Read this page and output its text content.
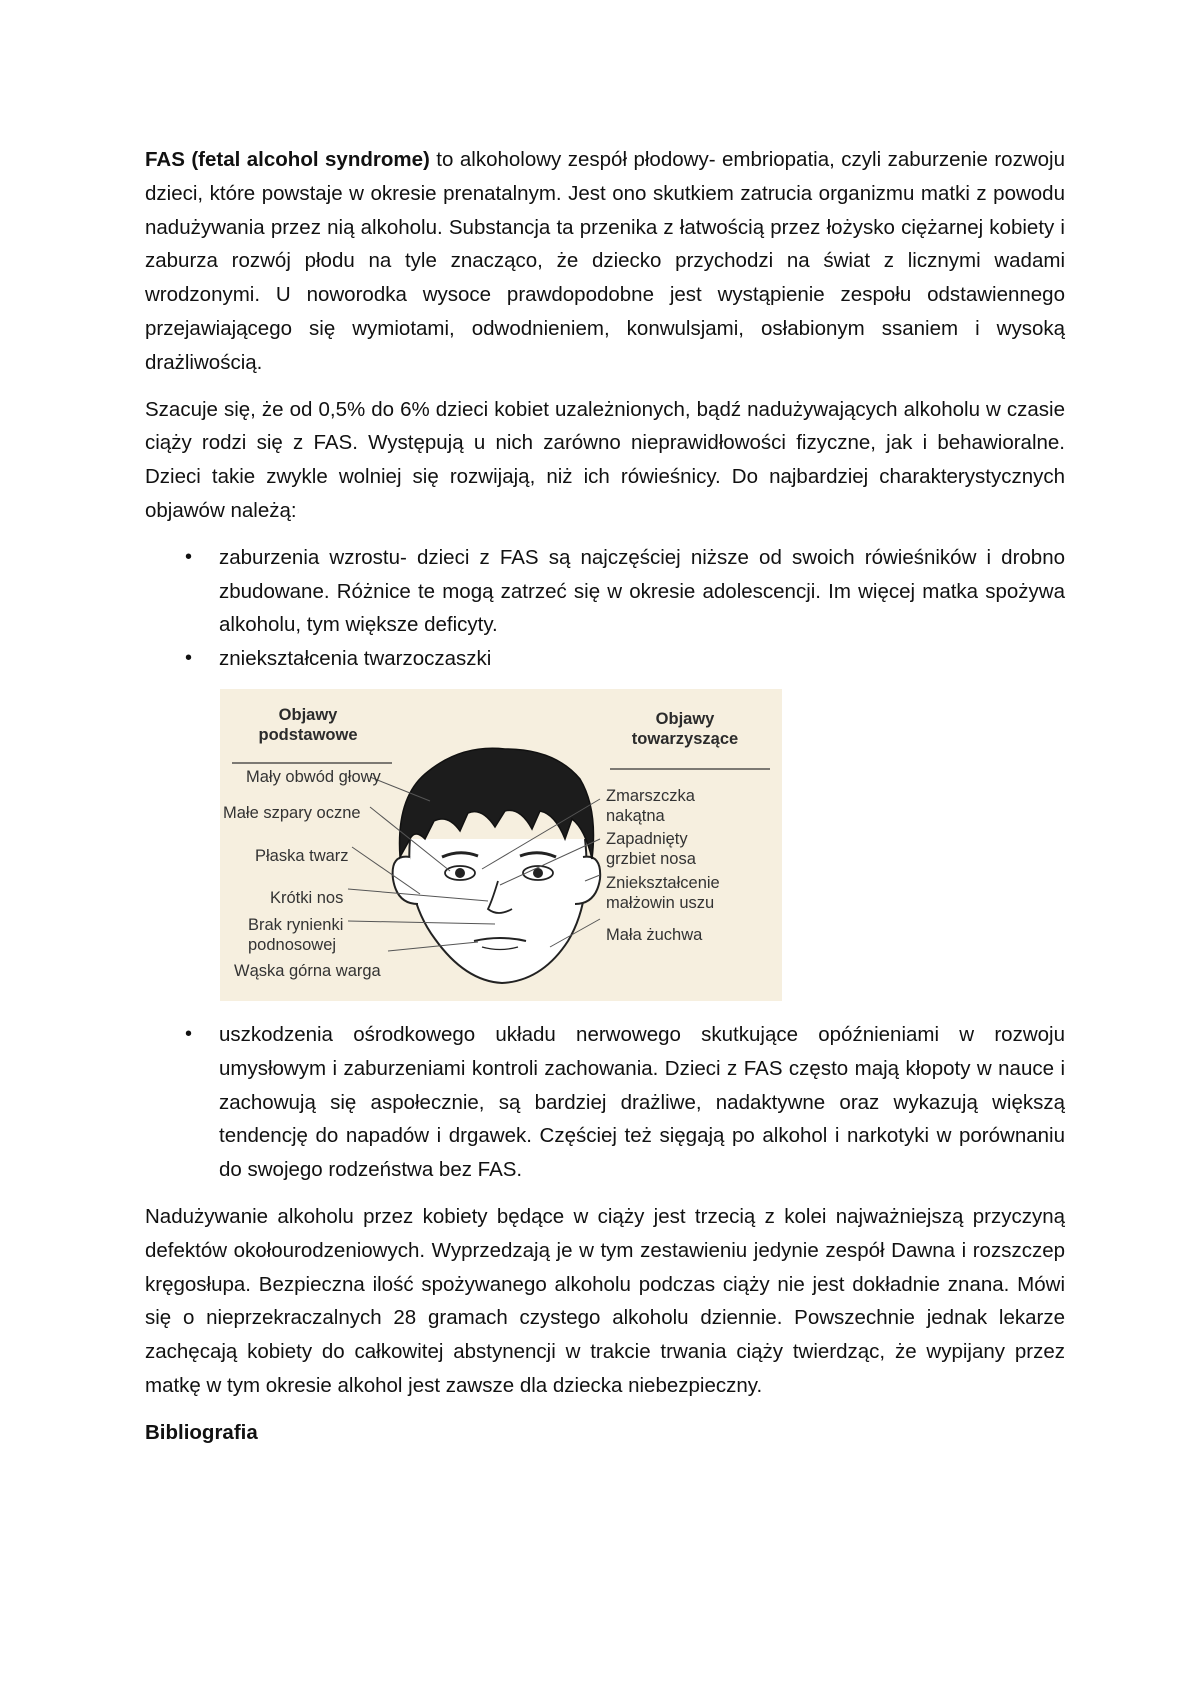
FAS (fetal alcohol syndrome) to alkoholowy zespół płodowy- embriopatia, czyli zaburzenie rozwoju dzieci, które powstaje w okresie prenatalnym. Jest ono skutkiem zatrucia organizmu matki z powodu nadużywania przez nią alkoholu. Substancja ta przenika z łatwością przez łożysko ciężarnej kobiety i zaburza rozwój płodu na tyle znacząco, że dziecko przychodzi na świat z licznymi wadami wrodzonymi. U noworodka wysoce prawdopodobne jest wystąpienie zespołu odstawiennego przejawiającego się wymiotami, odwodnieniem, konwulsjami, osłabionym ssaniem i wysoką drażliwością.

Szacuje się, że od 0,5% do 6% dzieci kobiet uzależnionych, bądź nadużywających alkoholu w czasie ciąży rodzi się z FAS. Występują u nich zarówno nieprawidłowości fizyczne, jak i behawioralne. Dzieci takie zwykle wolniej się rozwijają, niż ich rówieśnicy. Do najbardziej charakterystycznych objawów należą:

• zaburzenia wzrostu- dzieci z FAS są najczęściej niższe od swoich rówieśników i drobno zbudowane. Różnice te mogą zatrzeć się w okresie adolescencji. Im więcej matka spożywa alkoholu, tym większe deficyty.
• zniekształcenia twarzoczaszki
Objawy
podstawowe
Objawy
towarzyszące
Mały obwód głowy
Małe szpary oczne
Płaska twarz
Krótki nos
Brak rynienki
podnosowej
Wąska górna warga
Zmarszczka
nakątna
Zapadnięty
grzbiet nosa
Zniekształcenie
małżowin uszu
Mała żuchwa
• uszkodzenia ośrodkowego układu nerwowego skutkujące opóźnieniami w rozwoju umysłowym i zaburzeniami kontroli zachowania. Dzieci z FAS często mają kłopoty w nauce i zachowują się aspołecznie, są bardziej drażliwe, nadaktywne oraz wykazują większą tendencję do napadów i drgawek. Częściej też sięgają po alkohol i narkotyki w porównaniu do swojego rodzeństwa bez FAS.

Nadużywanie alkoholu przez kobiety będące w ciąży jest trzecią z kolei najważniejszą przyczyną defektów okołourodzeniowych. Wyprzedzają je w tym zestawieniu jedynie zespół Dawna i rozszczep kręgosłupa. Bezpieczna ilość spożywanego alkoholu podczas ciąży nie jest dokładnie znana. Mówi się o nieprzekraczalnych 28 gramach czystego alkoholu dziennie. Powszechnie jednak lekarze zachęcają kobiety do całkowitej abstynencji w trakcie trwania ciąży twierdząc, że wypijany przez matkę w tym okresie alkohol jest zawsze dla dziecka niebezpieczny.

Bibliografia
